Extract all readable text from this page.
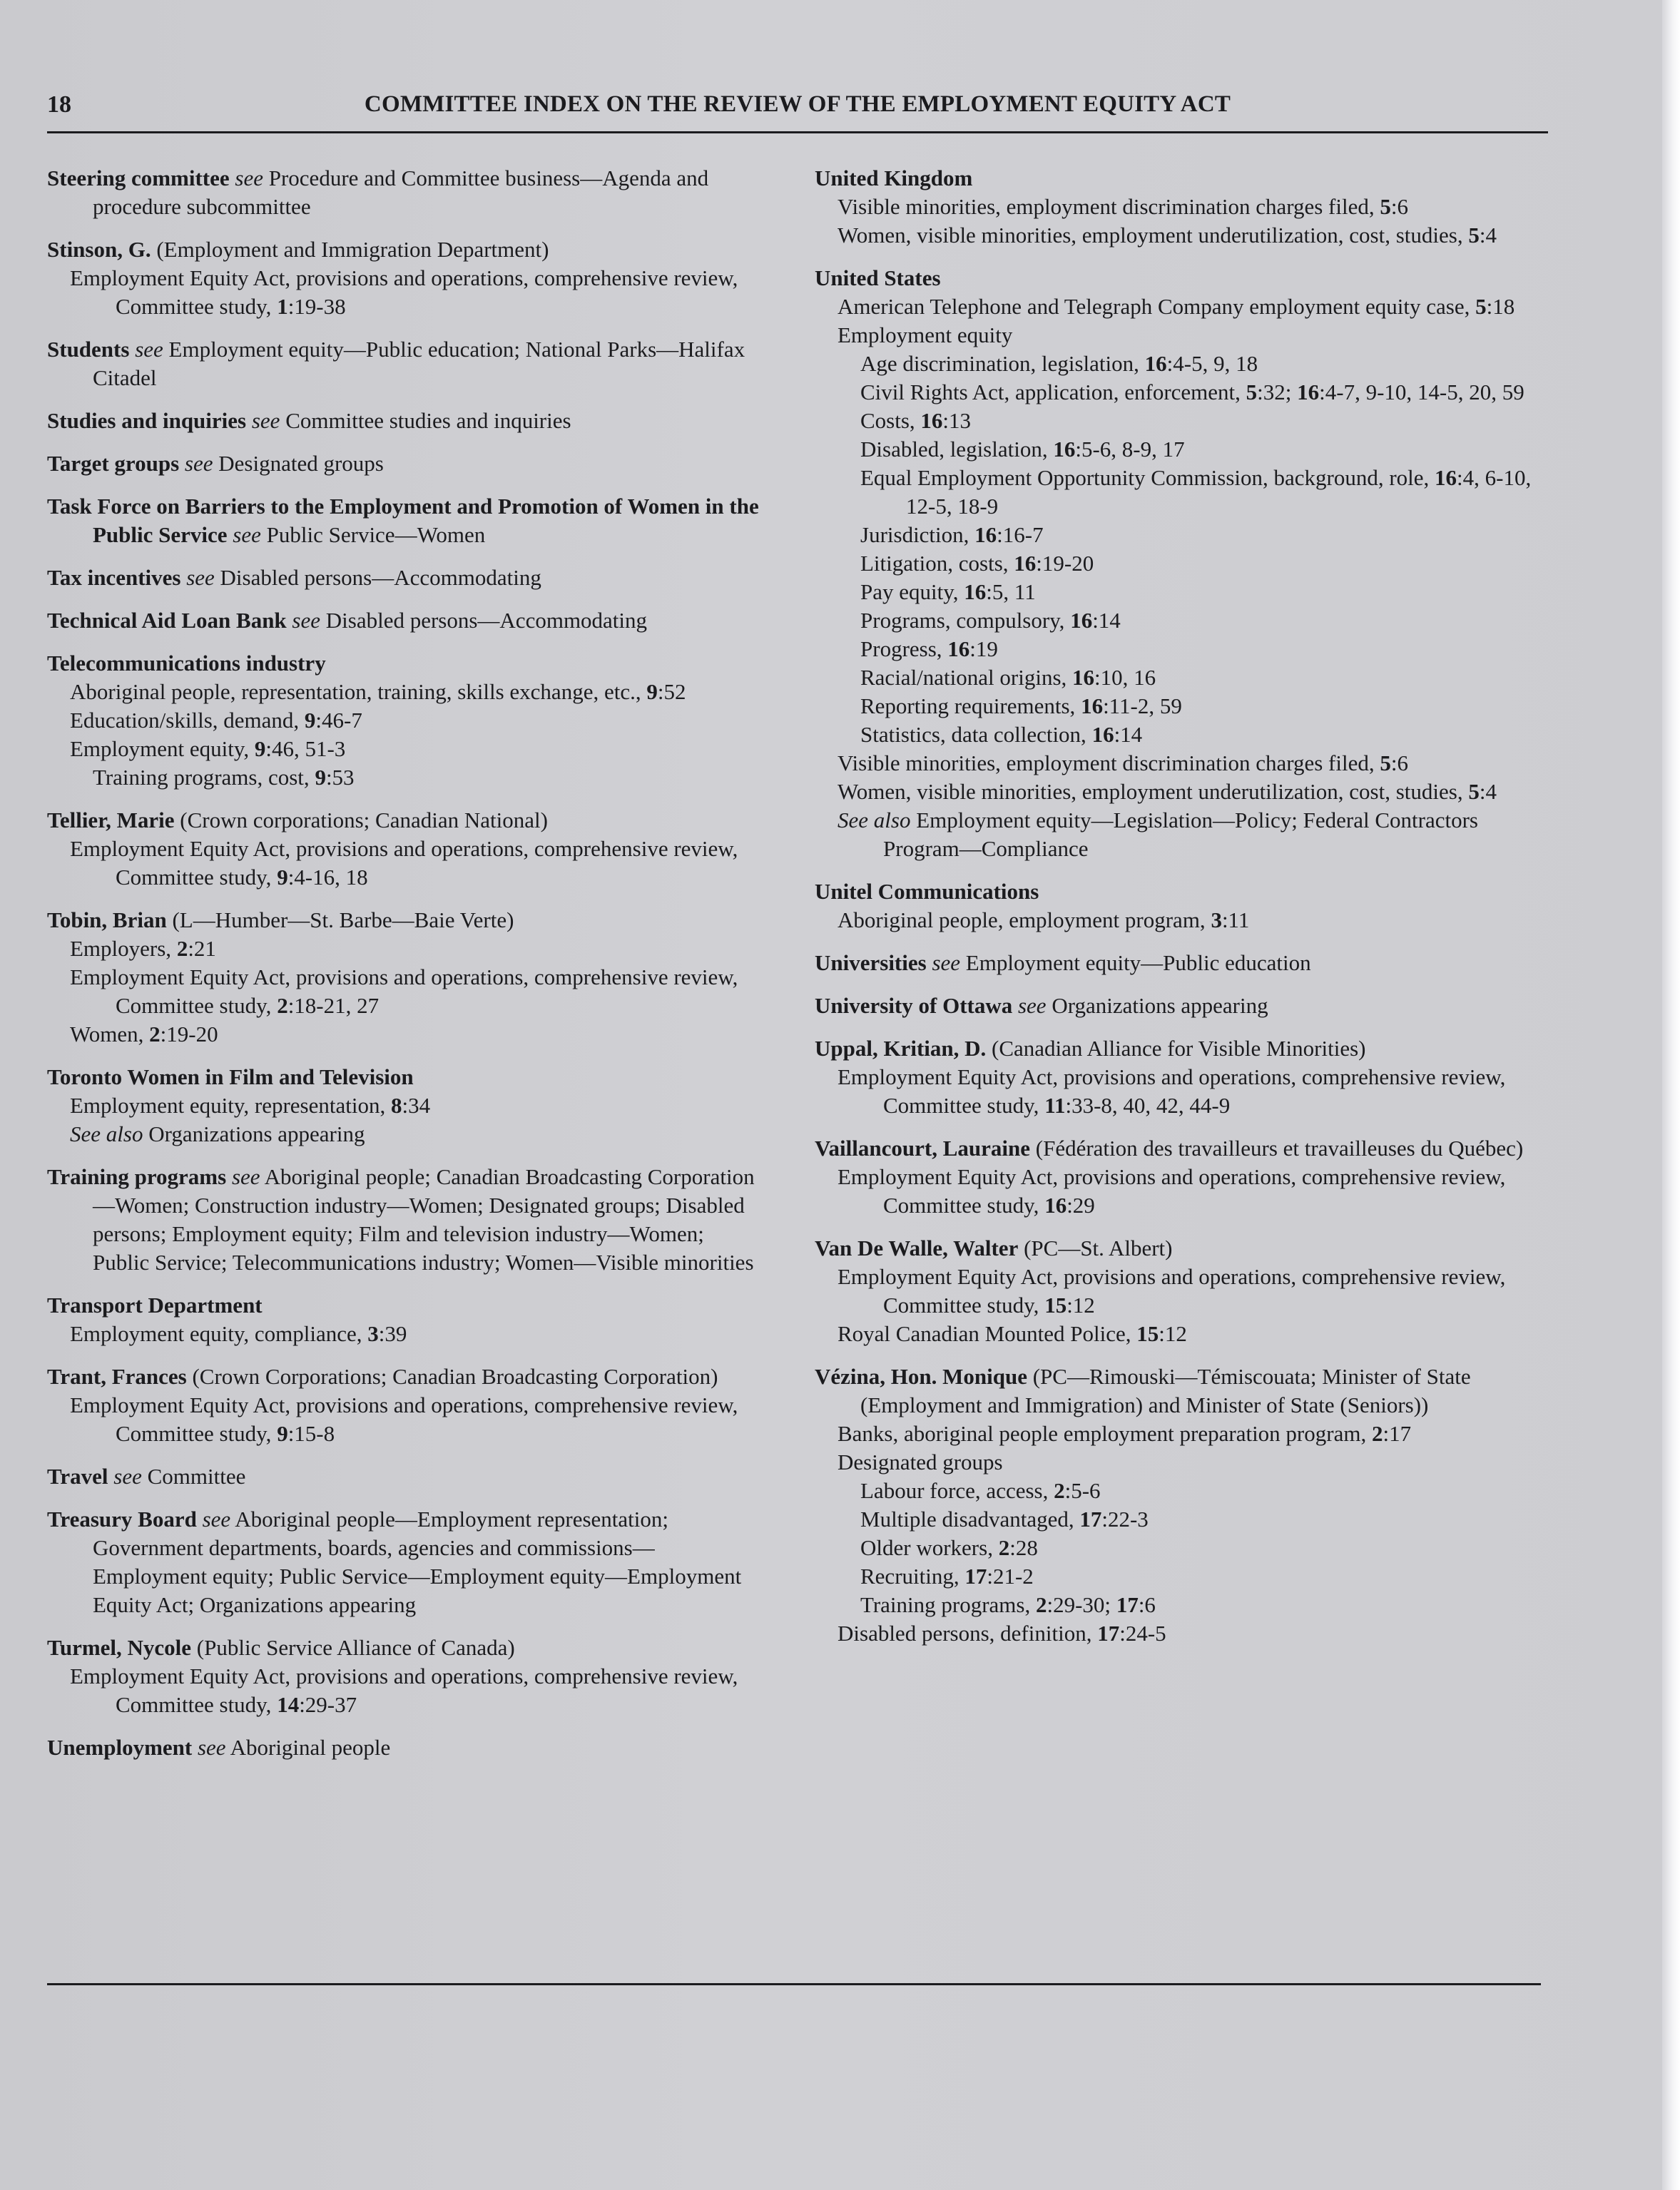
18	COMMITTEE INDEX ON THE REVIEW OF THE EMPLOYMENT EQUITY ACT
Steering committee see Procedure and Committee business—Agenda and procedure subcommittee
Stinson, G. (Employment and Immigration Department)
Employment Equity Act, provisions and operations, comprehensive review, Committee study, 1:19-38
Students see Employment equity—Public education; National Parks—Halifax Citadel
Studies and inquiries see Committee studies and inquiries
Target groups see Designated groups
Task Force on Barriers to the Employment and Promotion of Women in the Public Service see Public Service—Women
Tax incentives see Disabled persons—Accommodating
Technical Aid Loan Bank see Disabled persons—Accommodating
Telecommunications industry
Aboriginal people, representation, training, skills exchange, etc., 9:52
Education/skills, demand, 9:46-7
Employment equity, 9:46, 51-3
Training programs, cost, 9:53
Tellier, Marie (Crown corporations; Canadian National)
Employment Equity Act, provisions and operations, comprehensive review, Committee study, 9:4-16, 18
Tobin, Brian (L—Humber—St. Barbe—Baie Verte)
Employers, 2:21
Employment Equity Act, provisions and operations, comprehensive review, Committee study, 2:18-21, 27
Women, 2:19-20
Toronto Women in Film and Television
Employment equity, representation, 8:34
See also Organizations appearing
Training programs see Aboriginal people; Canadian Broadcasting Corporation—Women; Construction industry—Women; Designated groups; Disabled persons; Employment equity; Film and television industry—Women; Public Service; Telecommunications industry; Women—Visible minorities
Transport Department
Employment equity, compliance, 3:39
Trant, Frances (Crown Corporations; Canadian Broadcasting Corporation)
Employment Equity Act, provisions and operations, comprehensive review, Committee study, 9:15-8
Travel see Committee
Treasury Board see Aboriginal people—Employment representation; Government departments, boards, agencies and commissions—Employment equity; Public Service—Employment equity—Employment Equity Act; Organizations appearing
Turmel, Nycole (Public Service Alliance of Canada)
Employment Equity Act, provisions and operations, comprehensive review, Committee study, 14:29-37
Unemployment see Aboriginal people
United Kingdom
Visible minorities, employment discrimination charges filed, 5:6
Women, visible minorities, employment underutilization, cost, studies, 5:4
United States
American Telephone and Telegraph Company employment equity case, 5:18
Employment equity
Age discrimination, legislation, 16:4-5, 9, 18
Civil Rights Act, application, enforcement, 5:32; 16:4-7, 9-10, 14-5, 20, 59
Costs, 16:13
Disabled, legislation, 16:5-6, 8-9, 17
Equal Employment Opportunity Commission, background, role, 16:4, 6-10, 12-5, 18-9
Jurisdiction, 16:16-7
Litigation, costs, 16:19-20
Pay equity, 16:5, 11
Programs, compulsory, 16:14
Progress, 16:19
Racial/national origins, 16:10, 16
Reporting requirements, 16:11-2, 59
Statistics, data collection, 16:14
Visible minorities, employment discrimination charges filed, 5:6
Women, visible minorities, employment underutilization, cost, studies, 5:4
See also Employment equity—Legislation—Policy; Federal Contractors Program—Compliance
Unitel Communications
Aboriginal people, employment program, 3:11
Universities see Employment equity—Public education
University of Ottawa see Organizations appearing
Uppal, Kritian, D. (Canadian Alliance for Visible Minorities)
Employment Equity Act, provisions and operations, comprehensive review, Committee study, 11:33-8, 40, 42, 44-9
Vaillancourt, Lauraine (Fédération des travailleurs et travailleuses du Québec)
Employment Equity Act, provisions and operations, comprehensive review, Committee study, 16:29
Van De Walle, Walter (PC—St. Albert)
Employment Equity Act, provisions and operations, comprehensive review, Committee study, 15:12
Royal Canadian Mounted Police, 15:12
Vézina, Hon. Monique (PC—Rimouski—Témiscouata; Minister of State (Employment and Immigration) and Minister of State (Seniors))
Banks, aboriginal people employment preparation program, 2:17
Designated groups
Labour force, access, 2:5-6
Multiple disadvantaged, 17:22-3
Older workers, 2:28
Recruiting, 17:21-2
Training programs, 2:29-30; 17:6
Disabled persons, definition, 17:24-5
